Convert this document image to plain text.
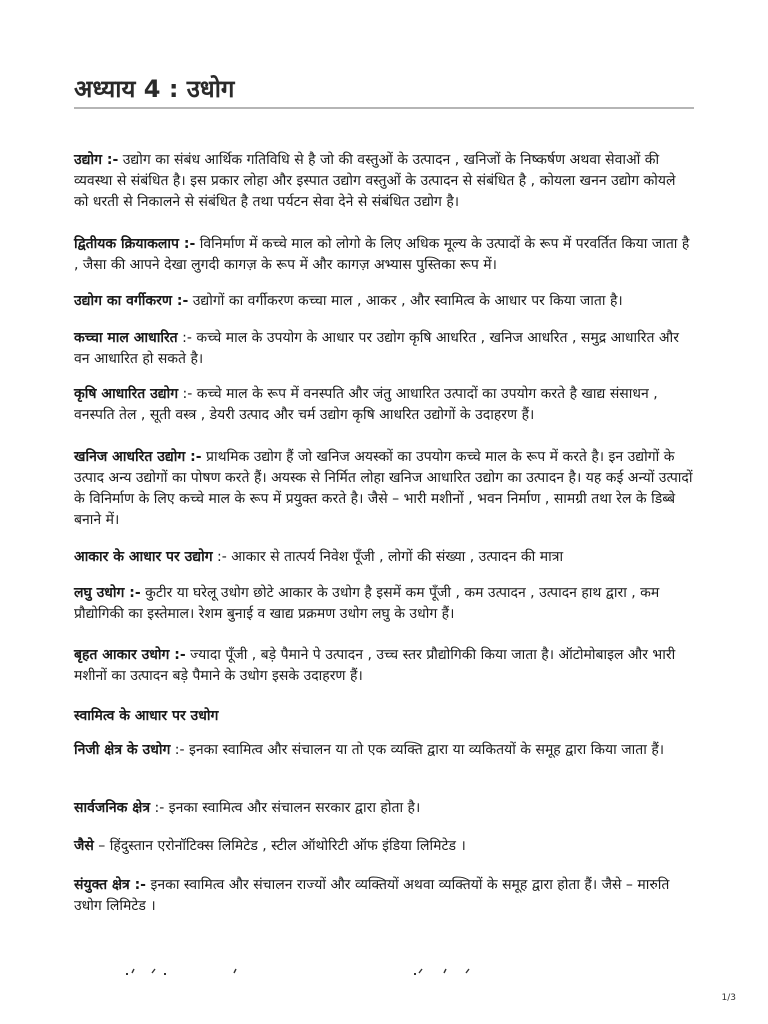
अध्याय 4 : उधोग

उद्योग :- उद्योग का संबंध आर्थिक गतिविधि से है जो की वस्तुओं के उत्पादन , खनिजों के निष्कर्षण अथवा सेवाओं की व्यवस्था से संबंधित है। इस प्रकार लोहा और इस्पात उद्योग वस्तुओं के उत्पादन से संबंधित है , कोयला खनन उद्योग कोयले को धरती से निकालने से संबंधित है तथा पर्यटन सेवा देने से संबंधित उद्योग है।

द्वितीयक क्रियाकलाप :- विनिर्माण में कच्चे माल को लोगो के लिए अधिक मूल्य के उत्पादों के रूप में परवर्तित किया जाता है , जैसा की आपने देखा लुगदी कागज़ के रूप में और कागज़ अभ्यास पुस्तिका रूप में।

उद्योग का वर्गीकरण :- उद्योगों का वर्गीकरण कच्चा माल , आकर , और स्वामित्व के आधार पर किया जाता है।

कच्चा माल आधारित :- कच्चे माल के उपयोग के आधार पर उद्योग कृषि आधरित , खनिज आधरित , समुद्र आधारित और वन आधारित हो सकते है।

कृषि आधारित उद्योग :- कच्चे माल के रूप में वनस्पति और जंतु आधारित उत्पादों का उपयोग करते है खाद्य संसाधन , वनस्पति तेल , सूती वस्त्र , डेयरी उत्पाद और चर्म उद्योग कृषि आधरित उद्योगों के उदाहरण हैं।

खनिज आधरित उद्योग :- प्राथमिक उद्योग हैं जो खनिज अयस्कों का उपयोग कच्चे माल के रूप में करते है। इन उद्योगों के उत्पाद अन्य उद्योगों का पोषण करते हैं। अयस्क से निर्मित लोहा खनिज आधारित उद्योग का उत्पादन है। यह कई अन्यों उत्पादों के विनिर्माण के लिए कच्चे माल के रूप में प्रयुक्त करते है। जैसे – भारी मशीनों , भवन निर्माण , सामग्री तथा रेल के डिब्बे बनाने में।

आकार के आधार पर उद्योग :- आकार से तात्पर्य निवेश पूँजी , लोगों की संख्या , उत्पादन की मात्रा

लघु उधोग :- कुटीर या घरेलू उधोग छोटे आकार के उधोग है इसमें कम पूँजी , कम उत्पादन , उत्पादन हाथ द्वारा , कम प्रौद्योगिकी का इस्तेमाल। रेशम बुनाई व खाद्य प्रक्रमण उधोग लघु के उधोग हैं।

बृहत आकार उधोग :- ज्यादा पूँजी , बड़े पैमाने पे उत्पादन , उच्च स्तर प्रौद्योगिकी किया जाता है। ऑटोमोबाइल और भारी मशीनों का उत्पादन बड़े पैमाने के उधोग इसके उदाहरण हैं।

स्वामित्व के आधार पर उधोग

निजी क्षेत्र के उधोग :- इनका स्वामित्व और संचालन या तो एक व्यक्ति द्वारा या व्यकितयों के समूह द्वारा किया जाता हैं।

सार्वजनिक क्षेत्र :- इनका स्वामित्व और संचालन सरकार द्वारा होता है।

जैसे – हिंदुस्तान एरोनॉटिक्स लिमिटेड , स्टील ऑथोरिटी ऑफ इंडिया लिमिटेड ।

संयुक्त क्षेत्र :- इनका स्वामित्व और संचालन राज्यों और व्यक्तियों अथवा व्यक्तियों के समूह द्वारा होता हैं। जैसे – मारुति उधोग लिमिटेड ।

1/3
